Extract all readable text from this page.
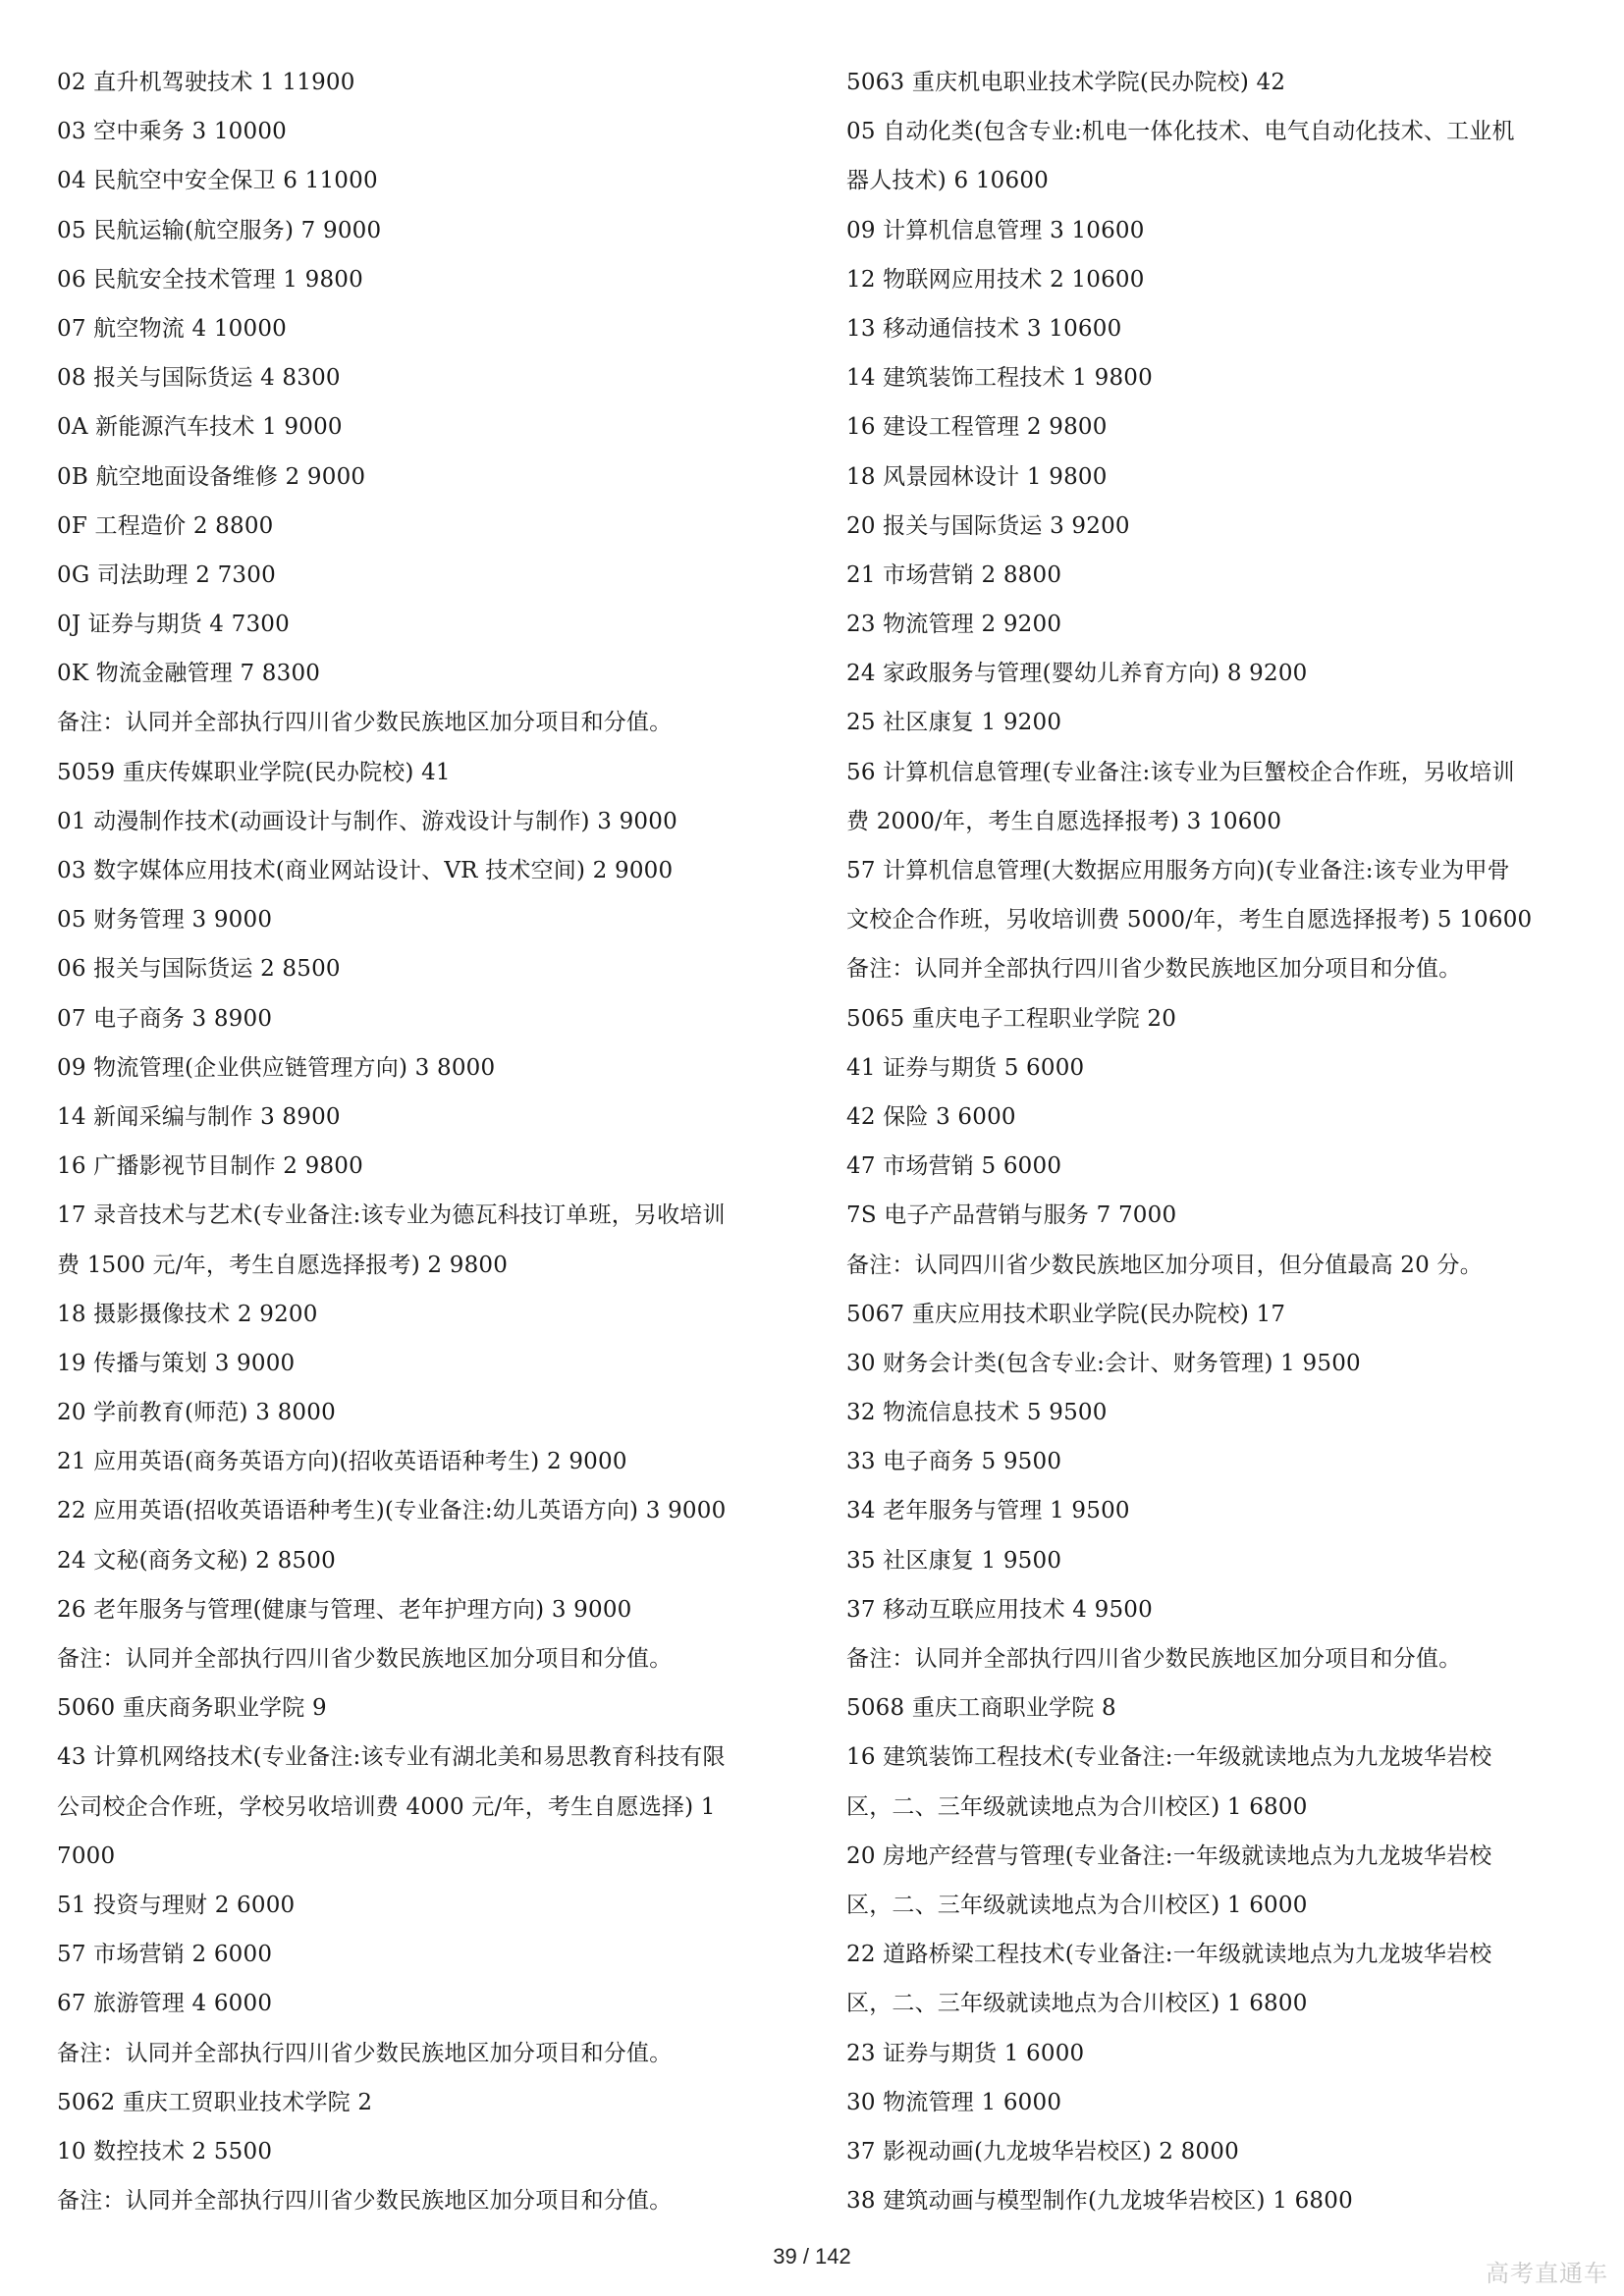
02 直升机驾驶技术 1 11900
03 空中乘务 3 10000
04 民航空中安全保卫 6 11000
05 民航运输(航空服务) 7 9000
06 民航安全技术管理 1 9800
07 航空物流 4 10000
08 报关与国际货运 4 8300
0A 新能源汽车技术 1 9000
0B 航空地面设备维修 2 9000
0F 工程造价 2 8800
0G 司法助理 2 7300
0J 证券与期货 4 7300
0K 物流金融管理 7 8300
备注：认同并全部执行四川省少数民族地区加分项目和分值。
5059 重庆传媒职业学院(民办院校) 41
01 动漫制作技术(动画设计与制作、游戏设计与制作) 3 9000
03 数字媒体应用技术(商业网站设计、VR 技术空间) 2 9000
05 财务管理 3 9000
06 报关与国际货运 2 8500
07 电子商务 3 8900
09 物流管理(企业供应链管理方向) 3 8000
14 新闻采编与制作 3 8900
16 广播影视节目制作 2 9800
17 录音技术与艺术(专业备注:该专业为德瓦科技订单班，另收培训
费 1500 元/年，考生自愿选择报考) 2 9800
18 摄影摄像技术 2 9200
19 传播与策划 3 9000
20 学前教育(师范) 3 8000
21 应用英语(商务英语方向)(招收英语语种考生) 2 9000
22 应用英语(招收英语语种考生)(专业备注:幼儿英语方向) 3 9000
24 文秘(商务文秘) 2 8500
26 老年服务与管理(健康与管理、老年护理方向) 3 9000
备注：认同并全部执行四川省少数民族地区加分项目和分值。
5060 重庆商务职业学院 9
43 计算机网络技术(专业备注:该专业有湖北美和易思教育科技有限
公司校企合作班，学校另收培训费 4000 元/年，考生自愿选择) 1
7000
51 投资与理财 2 6000
57 市场营销 2 6000
67 旅游管理 4 6000
备注：认同并全部执行四川省少数民族地区加分项目和分值。
5062 重庆工贸职业技术学院 2
10 数控技术 2 5500
备注：认同并全部执行四川省少数民族地区加分项目和分值。
5063 重庆机电职业技术学院(民办院校) 42
05 自动化类(包含专业:机电一体化技术、电气自动化技术、工业机
器人技术) 6 10600
09 计算机信息管理 3 10600
12 物联网应用技术 2 10600
13 移动通信技术 3 10600
14 建筑装饰工程技术 1 9800
16 建设工程管理 2 9800
18 风景园林设计 1 9800
20 报关与国际货运 3 9200
21 市场营销 2 8800
23 物流管理 2 9200
24 家政服务与管理(婴幼儿养育方向) 8 9200
25 社区康复 1 9200
56 计算机信息管理(专业备注:该专业为巨蟹校企合作班，另收培训
费 2000/年，考生自愿选择报考) 3 10600
57 计算机信息管理(大数据应用服务方向)(专业备注:该专业为甲骨
文校企合作班，另收培训费 5000/年，考生自愿选择报考) 5 10600
备注：认同并全部执行四川省少数民族地区加分项目和分值。
5065 重庆电子工程职业学院 20
41 证券与期货 5 6000
42 保险 3 6000
47 市场营销 5 6000
7S 电子产品营销与服务 7 7000
备注：认同四川省少数民族地区加分项目，但分值最高 20 分。
5067 重庆应用技术职业学院(民办院校) 17
30 财务会计类(包含专业:会计、财务管理) 1 9500
32 物流信息技术 5 9500
33 电子商务 5 9500
34 老年服务与管理 1 9500
35 社区康复 1 9500
37 移动互联应用技术 4 9500
备注：认同并全部执行四川省少数民族地区加分项目和分值。
5068 重庆工商职业学院 8
16 建筑装饰工程技术(专业备注:一年级就读地点为九龙坡华岩校
区，二、三年级就读地点为合川校区) 1 6800
20 房地产经营与管理(专业备注:一年级就读地点为九龙坡华岩校
区，二、三年级就读地点为合川校区) 1 6000
22 道路桥梁工程技术(专业备注:一年级就读地点为九龙坡华岩校
区，二、三年级就读地点为合川校区) 1 6800
23 证券与期货 1 6000
30 物流管理 1 6000
37 影视动画(九龙坡华岩校区) 2 8000
38 建筑动画与模型制作(九龙坡华岩校区) 1 6800
39 / 142
高考直通车
